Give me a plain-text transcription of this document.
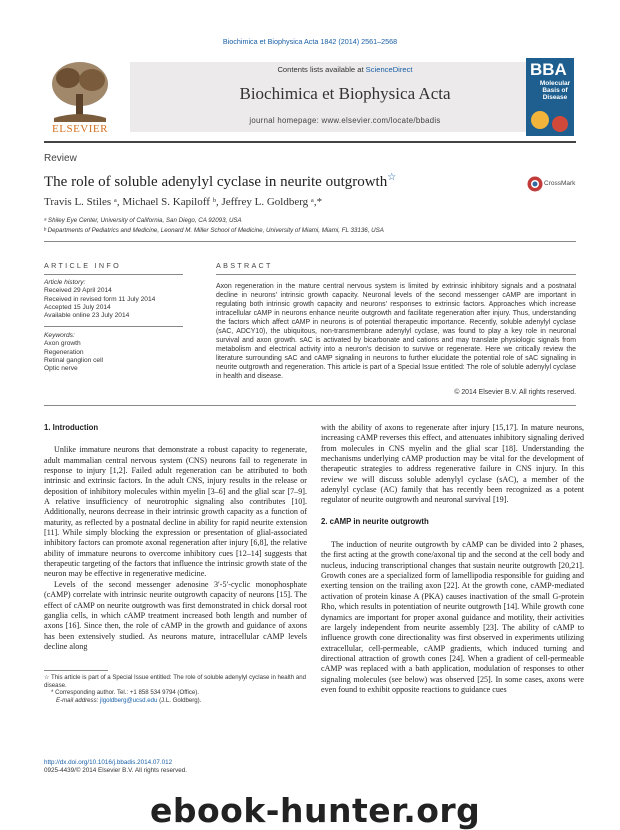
Biochimica et Biophysica Acta 1842 (2014) 2561–2568
ELSEVIER
Contents lists available at ScienceDirect
Biochimica et Biophysica Acta
journal homepage: www.elsevier.com/locate/bbadis
BBA
Molecular Basis of Disease
Review
The role of soluble adenylyl cyclase in neurite outgrowth☆
CrossMark
Travis L. Stiles ᵃ, Michael S. Kapiloff ᵇ, Jeffrey L. Goldberg ᵃ,*
ᵃ Shiley Eye Center, University of California, San Diego, CA 92093, USA
ᵇ Departments of Pediatrics and Medicine, Leonard M. Miller School of Medicine, University of Miami, Miami, FL 33136, USA
ARTICLE INFO
Article history:
Received 29 April 2014
Received in revised form 11 July 2014
Accepted 15 July 2014
Available online 23 July 2014
Keywords:
Axon growth
Regeneration
Retinal ganglion cell
Optic nerve
ABSTRACT
Axon regeneration in the mature central nervous system is limited by extrinsic inhibitory signals and a postnatal decline in neurons' intrinsic growth capacity. Neuronal levels of the second messenger cAMP are important in regulating both intrinsic growth capacity and neurons' responses to extrinsic factors. Approaches which increase intracellular cAMP in neurons enhance neurite outgrowth and facilitate regeneration after injury. Thus, understanding the factors which affect cAMP in neurons is of potential therapeutic importance. Recently, soluble adenylyl cyclase (sAC, ADCY10), the ubiquitous, non-transmembrane adenylyl cyclase, was found to play a key role in neuronal survival and axon growth. sAC is activated by bicarbonate and cations and may translate physiologic signals from metabolism and electrical activity into a neuron's decision to survive or regenerate. Here we critically review the literature surrounding sAC and cAMP signaling in neurons to further elucidate the potential role of sAC signaling in neurite outgrowth and regeneration. This article is part of a Special Issue entitled: The role of soluble adenylyl cyclase in health and disease.
© 2014 Elsevier B.V. All rights reserved.

1. Introduction

Unlike immature neurons that demonstrate a robust capacity to regenerate, adult mammalian central nervous system (CNS) neurons fail to regenerate in response to injury [1,2]. Failed adult regeneration can be attributed to both intrinsic and extrinsic factors. In the adult CNS, injury results in the release or deposition of inhibitory molecules within myelin [3–6] and the glial scar [7–9]. A relative insufficiency of neurotrophic signaling also contributes [10]. Additionally, neurons decrease in their intrinsic growth capacity as a function of maturity, as reflected by a postnatal decline in ability for rapid neurite extension [11]. While simply blocking the expression or presentation of glial-associated inhibitory factors can promote axonal regeneration after injury [6,8], the relative ability of immature neurons to overcome inhibitory cues [12–14] suggests that therapeutic targeting of the factors that influence the intrinsic growth state of the neuron may be effective in regenerative medicine.

Levels of the second messenger adenosine 3′-5′-cyclic monophosphate (cAMP) correlate with intrinsic neurite outgrowth capacity of neurons [15]. The effect of cAMP on neurite outgrowth was first demonstrated in chick dorsal root ganglia cells, in which cAMP treatment increased both length and number of axons [16]. Since then, the role of cAMP in the growth and guidance of axons has been extensively studied. As neurons mature, intracellular cAMP levels decline along

with the ability of axons to regenerate after injury [15,17]. In mature neurons, increasing cAMP reverses this effect, and attenuates inhibitory signaling derived from molecules in CNS myelin and the glial scar [18]. Understanding the mechanisms underlying cAMP production may be vital for the development of therapeutic strategies to address regenerative failure in CNS injury. In this review we will discuss soluble adenylyl cyclase (sAC), a member of the adenylyl cyclase (AC) family that has recently been recognized as a potent regulator of neurite outgrowth and neuronal survival [19].

2. cAMP in neurite outgrowth

The induction of neurite outgrowth by cAMP can be divided into 2 phases, the first acting at the growth cone/axonal tip and the second at the cell body and nucleus, inducing transcriptional changes that sustain neurite outgrowth [20,21]. Growth cones are a specialized form of lamellipodia responsible for guiding and exerting tension on the trailing axon [22]. At the growth cone, cAMP-mediated activation of protein kinase A (PKA) causes inactivation of the small G-protein Rho, which results in potentiation of neurite outgrowth [14]. While growth cone dynamics are important for proper axonal guidance and motility, their activities are largely independent from neurite assembly [23]. The ability of cAMP to influence growth cone directionality was first observed in experiments utilizing extracellular, cell-permeable, cAMP gradients, which induced turning and directional attraction of growth cones [24]. When a gradient of cell-permeable cAMP was replaced with a bath application, modulation of responses to other signaling molecules (see below) was observed [25]. In some cases, axons were even found to exhibit opposite reactions to guidance cues

☆ This article is part of a Special Issue entitled: The role of soluble adenylyl cyclase in health and disease.
* Corresponding author. Tel.: +1 858 534 9794 (Office).
E-mail address: jlgoldberg@ucsd.edu (J.L. Goldberg).
http://dx.doi.org/10.1016/j.bbadis.2014.07.012
0925-4439/© 2014 Elsevier B.V. All rights reserved.
ebook-hunter.org
